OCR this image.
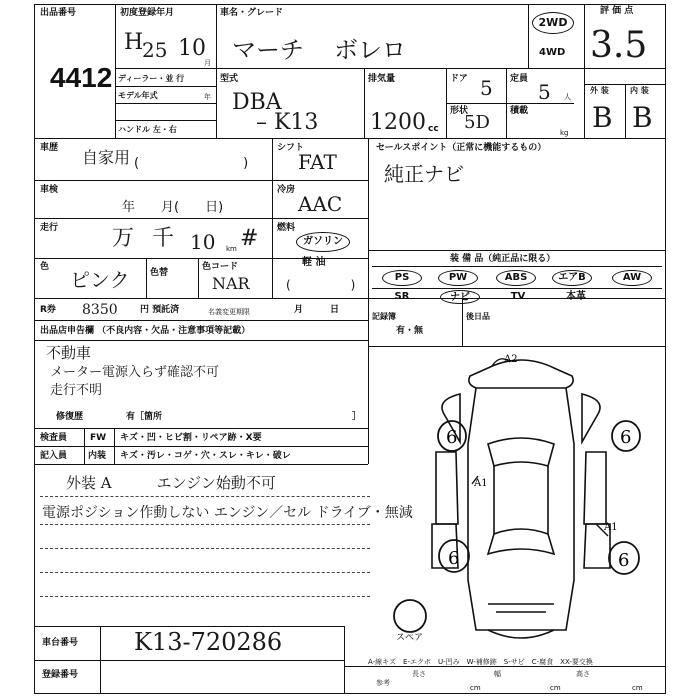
出品番号
4412
初度登録年月
H
25 10
月
車名・グレード
マーチ ボレロ
2WD
4WD
評 価 点
3.5
ディーラー・並 行
モデル年式	年
ハンドル 左・右
型式
DBA
– K13
排気量
1200 cc
ドア 5 定員
5 人
形状
5D
積載
kg
外 装	内 装
B B
車歴 自家用 (　　　　　　　　)
車検
年　　月(　　日)
走行 万 千 10 km #
色
ピンク 色替
色コード
NAR
シフト
FAT
冷房
AAC
燃料
ガソリン
軽 油
(　　　　　)
R券 8350 円 預託済	名義変更期限	月　　　日
セールスポイント（正常に機能するもの）
純正ナビ
装 備 品（純正品に限る）
PS	PW	ABS	エアB	AW
SR	ナビ	TV	本革
記録簿
有・無
後日品
出品店申告欄 （不良内容・欠品・注意事項等記載）
不動車
メーター電源入らず確認不可
走行不明
修復歴	有［箇所	］
検査員	FW キズ・凹・ヒビ割・リペア跡・X要
記入員 内装 キズ・汚レ・コゲ・穴・スレ・キレ・破レ
外装 A　　　エンジン始動不可
電源ポジション作動しない エンジン／セル ドライブ・無減
A2
A1
A1
6	6
6	6
スペア
車台番号 K13-720286
登録番号
A-線キズ　E-エクボ　U-凹み　W-補修跡　S-サビ　C-腐食　XX-要交換
参考
長さ
cm
幅
cm
高さ
cm
